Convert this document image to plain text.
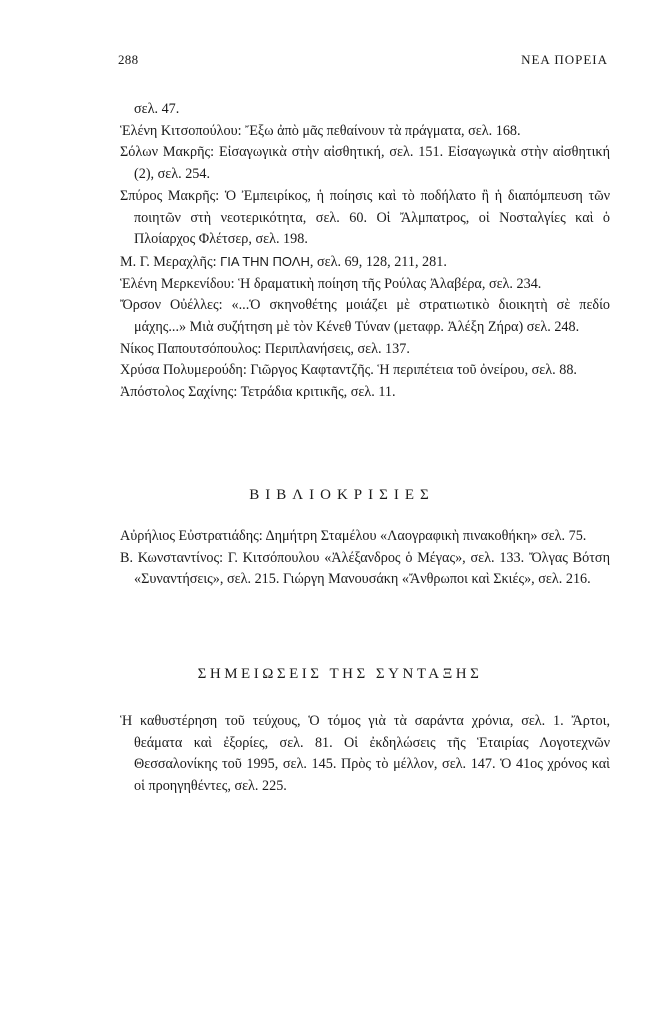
288	ΝΕΑ ΠΟΡΕΙΑ

σελ. 47.

Ἑλένη Κιτσοπούλου: Ἔξω ἀπὸ μᾶς πεθαίνουν τὰ πράγματα, σελ. 168.

Σόλων Μακρῆς: Εἰσαγωγικὰ στὴν αἰσθητική, σελ. 151. Εἰσαγωγικὰ στὴν αἰσθητική (2), σελ. 254.

Σπύρος Μακρῆς: Ὁ Ἐμπειρίκος, ἡ ποίησις καὶ τὸ ποδήλατο ἢ ἡ διαπόμπευση τῶν ποιητῶν στὴ νεοτερικότητα, σελ. 60. Οἱ Ἄλμπατρος, οἱ Νοσταλγίες καὶ ὁ Πλοίαρχος Φλέτσερ, σελ. 198.

Μ. Γ. Μεραχλῆς: ΓΙΑ ΤΗΝ ΠΟΛΗ, σελ. 69, 128, 211, 281.

Ἑλένη Μερκενίδου: Ἡ δραματικὴ ποίηση τῆς Ρούλας Ἀλαβέρα, σελ. 234.

Ὄρσον Οὐέλλες: «...Ὁ σκηνοθέτης μοιάζει μὲ στρατιωτικὸ διοικητὴ σὲ πεδίο μάχης...» Μιὰ συζήτηση μὲ τὸν Κένεθ Τύναν (μεταφρ. Ἀλέξη Ζήρα) σελ. 248.

Νίκος Παπουτσόπουλος: Περιπλανήσεις, σελ. 137.

Χρύσα Πολυμερούδη: Γιῶργος Καφταντζῆς. Ἡ περιπέτεια τοῦ ὀνείρου, σελ. 88.

Ἀπόστολος Σαχίνης: Τετράδια κριτικῆς, σελ. 11.

ΒΙΒΛΙΟΚΡΙΣΙΕΣ

Αὐρήλιος Εὐστρατιάδης: Δημήτρη Σταμέλου «Λαογραφικὴ πινακοθήκη» σελ. 75.

Β. Κωνσταντίνος: Γ. Κιτσόπουλου «Ἀλέξανδρος ὁ Μέγας», σελ. 133. Ὄλγας Βότση «Συναντήσεις», σελ. 215. Γιώργη Μανουσάκη «Ἄνθρωποι καὶ Σκιές», σελ. 216.

ΣΗΜΕΙΩΣΕΙΣ ΤΗΣ ΣΥΝΤΑΞΗΣ

Ἡ καθυστέρηση τοῦ τεύχους, Ὁ τόμος γιὰ τὰ σαράντα χρόνια, σελ. 1. Ἄρτοι, θεάματα καὶ ἐξορίες, σελ. 81. Οἱ ἐκδηλώσεις τῆς Ἑταιρίας Λογοτεχνῶν Θεσσαλονίκης τοῦ 1995, σελ. 145. Πρὸς τὸ μέλλον, σελ. 147. Ὁ 41ος χρόνος καὶ οἱ προηγηθέντες, σελ. 225.
